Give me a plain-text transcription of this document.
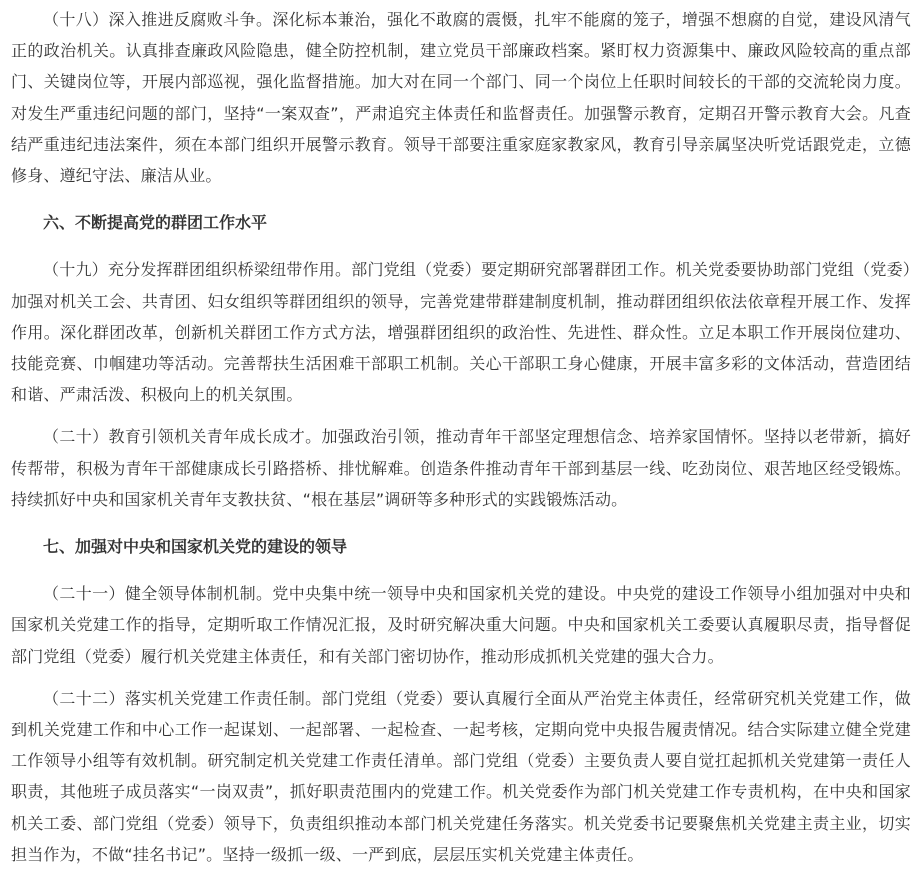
（十八）深入推进反腐败斗争。深化标本兼治，强化不敢腐的震慑，扎牢不能腐的笼子，增强不想腐的自觉，建设风清气正的政治机关。认真排查廉政风险隐患，健全防控机制，建立党员干部廉政档案。紧盯权力资源集中、廉政风险较高的重点部门、关键岗位等，开展内部巡视，强化监督措施。加大对在同一个部门、同一个岗位上任职时间较长的干部的交流轮岗力度。对发生严重违纪问题的部门，坚持“一案双查”，严肃追究主体责任和监督责任。加强警示教育，定期召开警示教育大会。凡查结严重违纪违法案件，须在本部门组织开展警示教育。领导干部要注重家庭家教家风，教育引导亲属坚决听党话跟党走，立德修身、遵纪守法、廉洁从业。

六、不断提高党的群团工作水平

（十九）充分发挥群团组织桥梁纽带作用。部门党组（党委）要定期研究部署群团工作。机关党委要协助部门党组（党委）加强对机关工会、共青团、妇女组织等群团组织的领导，完善党建带群建制度机制，推动群团组织依法依章程开展工作、发挥作用。深化群团改革，创新机关群团工作方式方法，增强群团组织的政治性、先进性、群众性。立足本职工作开展岗位建功、技能竞赛、巾帼建功等活动。完善帮扶生活困难干部职工机制。关心干部职工身心健康，开展丰富多彩的文体活动，营造团结和谐、严肃活泼、积极向上的机关氛围。

（二十）教育引领机关青年成长成才。加强政治引领，推动青年干部坚定理想信念、培养家国情怀。坚持以老带新，搞好传帮带，积极为青年干部健康成长引路搭桥、排忧解难。创造条件推动青年干部到基层一线、吃劲岗位、艰苦地区经受锻炼。持续抓好中央和国家机关青年支教扶贫、“根在基层”调研等多种形式的实践锻炼活动。

七、加强对中央和国家机关党的建设的领导

（二十一）健全领导体制机制。党中央集中统一领导中央和国家机关党的建设。中央党的建设工作领导小组加强对中央和国家机关党建工作的指导，定期听取工作情况汇报，及时研究解决重大问题。中央和国家机关工委要认真履职尽责，指导督促部门党组（党委）履行机关党建主体责任，和有关部门密切协作，推动形成抓机关党建的强大合力。

（二十二）落实机关党建工作责任制。部门党组（党委）要认真履行全面从严治党主体责任，经常研究机关党建工作，做到机关党建工作和中心工作一起谋划、一起部署、一起检查、一起考核，定期向党中央报告履责情况。结合实际建立健全党建工作领导小组等有效机制。研究制定机关党建工作责任清单。部门党组（党委）主要负责人要自觉扛起抓机关党建第一责任人职责，其他班子成员落实“一岗双责”，抓好职责范围内的党建工作。机关党委作为部门机关党建工作专责机构，在中央和国家机关工委、部门党组（党委）领导下，负责组织推动本部门机关党建任务落实。机关党委书记要聚焦机关党建主责主业，切实担当作为，不做“挂名书记”。坚持一级抓一级、一严到底，层层压实机关党建主体责任。
